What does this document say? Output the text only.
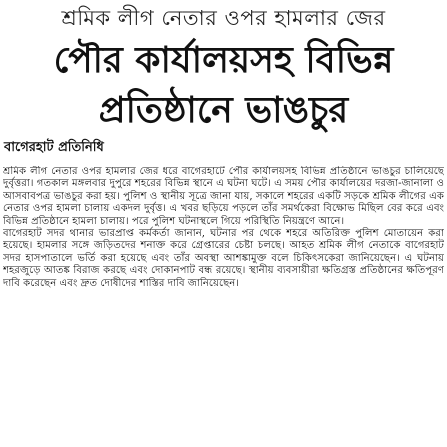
শ্রমিক লীগ নেতার ওপর হামলার জের
পৌর কার্যালয়সহ বিভিন্ন প্রতিষ্ঠানে ভাঙচুর
বাগেরহাট প্রতিনিধি

শ্রমিক লীগ নেতার ওপর হামলার জের ধরে বাগেরহাটে পৌর কার্যালয়সহ বিভিন্ন প্রতিষ্ঠানে ভাঙচুর চালিয়েছে দুর্বৃত্তরা। গতকাল মঙ্গলবার দুপুরে শহরের বিভিন্ন স্থানে এ ঘটনা ঘটে। এ সময় পৌর কার্যালয়ের দরজা-জানালা ও আসবাবপত্র ভাঙচুর করা হয়। পুলিশ ও স্থানীয় সূত্রে জানা যায়, সকালে শহরের একটি সড়কে শ্রমিক লীগের এক নেতার ওপর হামলা চালায় একদল দুর্বৃত্ত। এ খবর ছড়িয়ে পড়লে তাঁর সমর্থকেরা বিক্ষোভ মিছিল বের করে এবং বিভিন্ন প্রতিষ্ঠানে হামলা চালায়। পরে পুলিশ ঘটনাস্থলে গিয়ে পরিস্থিতি নিয়ন্ত্রণে আনে।

বাগেরহাট সদর থানার ভারপ্রাপ্ত কর্মকর্তা জানান, ঘটনার পর থেকে শহরে অতিরিক্ত পুলিশ মোতায়েন করা হয়েছে। হামলার সঙ্গে জড়িতদের শনাক্ত করে গ্রেপ্তারের চেষ্টা চলছে। আহত শ্রমিক লীগ নেতাকে বাগেরহাট সদর হাসপাতালে ভর্তি করা হয়েছে এবং তাঁর অবস্থা আশঙ্কামুক্ত বলে চিকিৎসকেরা জানিয়েছেন। এ ঘটনায় শহরজুড়ে আতঙ্ক বিরাজ করছে এবং দোকানপাট বন্ধ রয়েছে। স্থানীয় ব্যবসায়ীরা ক্ষতিগ্রস্ত প্রতিষ্ঠানের ক্ষতিপূরণ দাবি করেছেন এবং দ্রুত দোষীদের শাস্তির দাবি জানিয়েছেন।
